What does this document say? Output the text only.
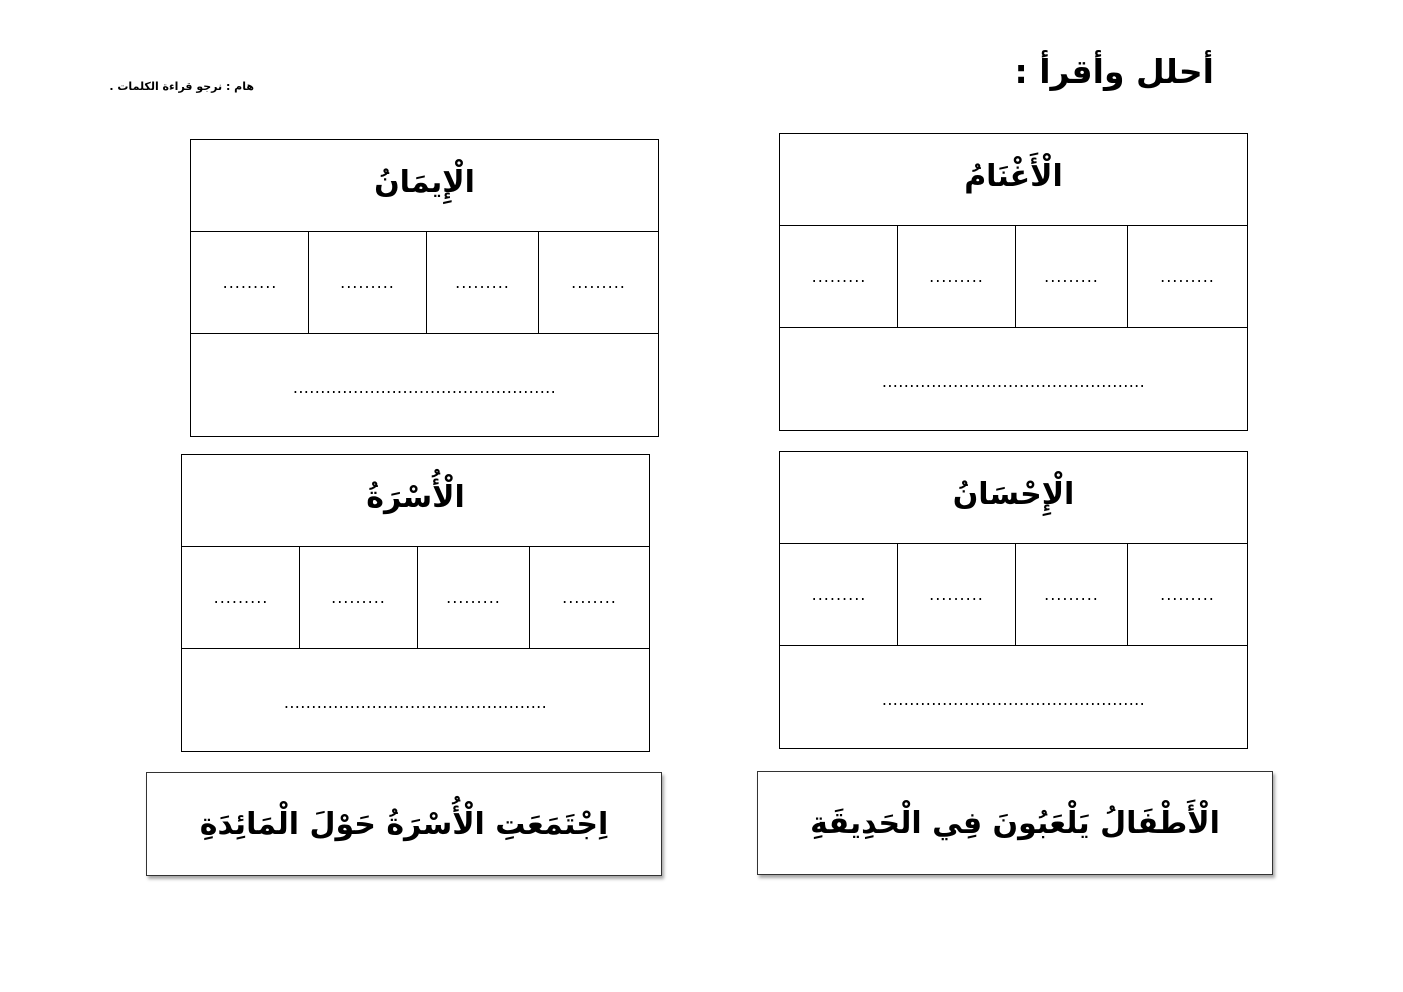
أحلل وأقرأ :
هام : نرجو قراءة الكلمات .
الْأَغْنَامُ
.........
.........
.........
.........
................................................
الْإِيمَانُ
.........
.........
.........
.........
................................................
الْإِحْسَانُ
.........
.........
.........
.........
................................................
الْأُسْرَةُ
.........
.........
.........
.........
................................................
الْأَطْفَالُ يَلْعَبُونَ فِي الْحَدِيقَةِ
اِجْتَمَعَتِ الْأُسْرَةُ حَوْلَ الْمَائِدَةِ
